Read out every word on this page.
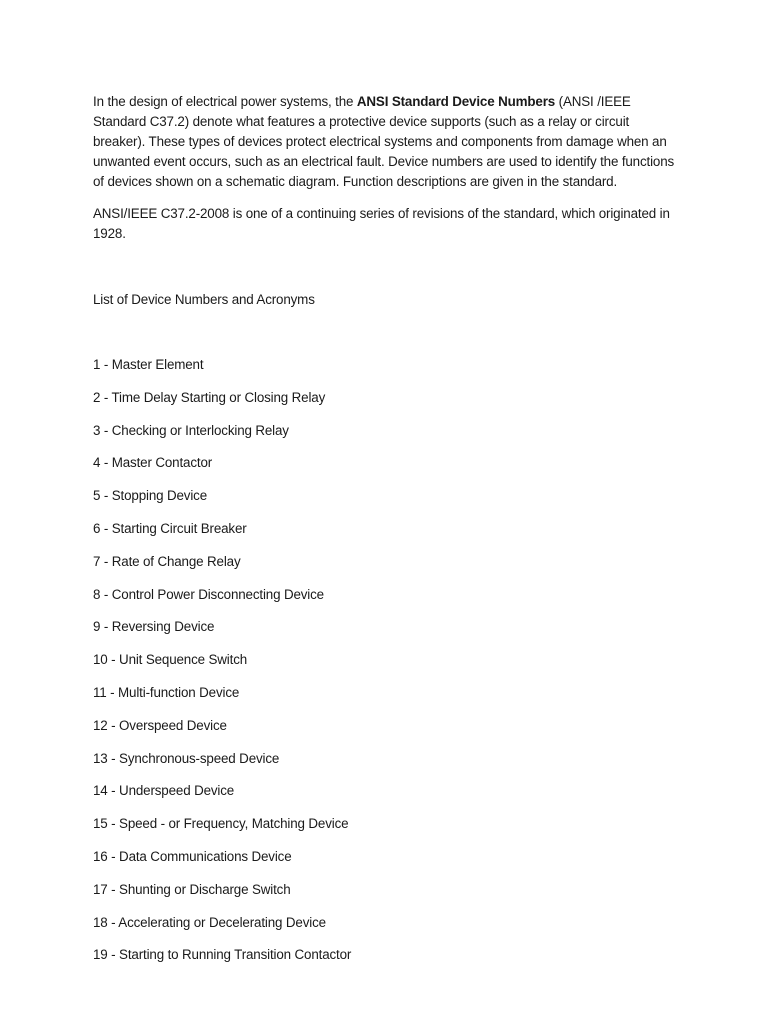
In the design of electrical power systems, the ANSI Standard Device Numbers (ANSI /IEEE Standard C37.2) denote what features a protective device supports (such as a relay or circuit breaker). These types of devices protect electrical systems and components from damage when an unwanted event occurs, such as an electrical fault. Device numbers are used to identify the functions of devices shown on a schematic diagram. Function descriptions are given in the standard.

ANSI/IEEE C37.2-2008 is one of a continuing series of revisions of the standard, which originated in 1928.

List of Device Numbers and Acronyms

1 - Master Element
2 - Time Delay Starting or Closing Relay
3 - Checking or Interlocking Relay
4 - Master Contactor
5 - Stopping Device
6 - Starting Circuit Breaker
7 - Rate of Change Relay
8 - Control Power Disconnecting Device
9 - Reversing Device
10 - Unit Sequence Switch
11 - Multi-function Device
12 - Overspeed Device
13 - Synchronous-speed Device
14 - Underspeed Device
15 - Speed - or Frequency, Matching Device
16 - Data Communications Device
17 - Shunting or Discharge Switch
18 - Accelerating or Decelerating Device
19 - Starting to Running Transition Contactor
